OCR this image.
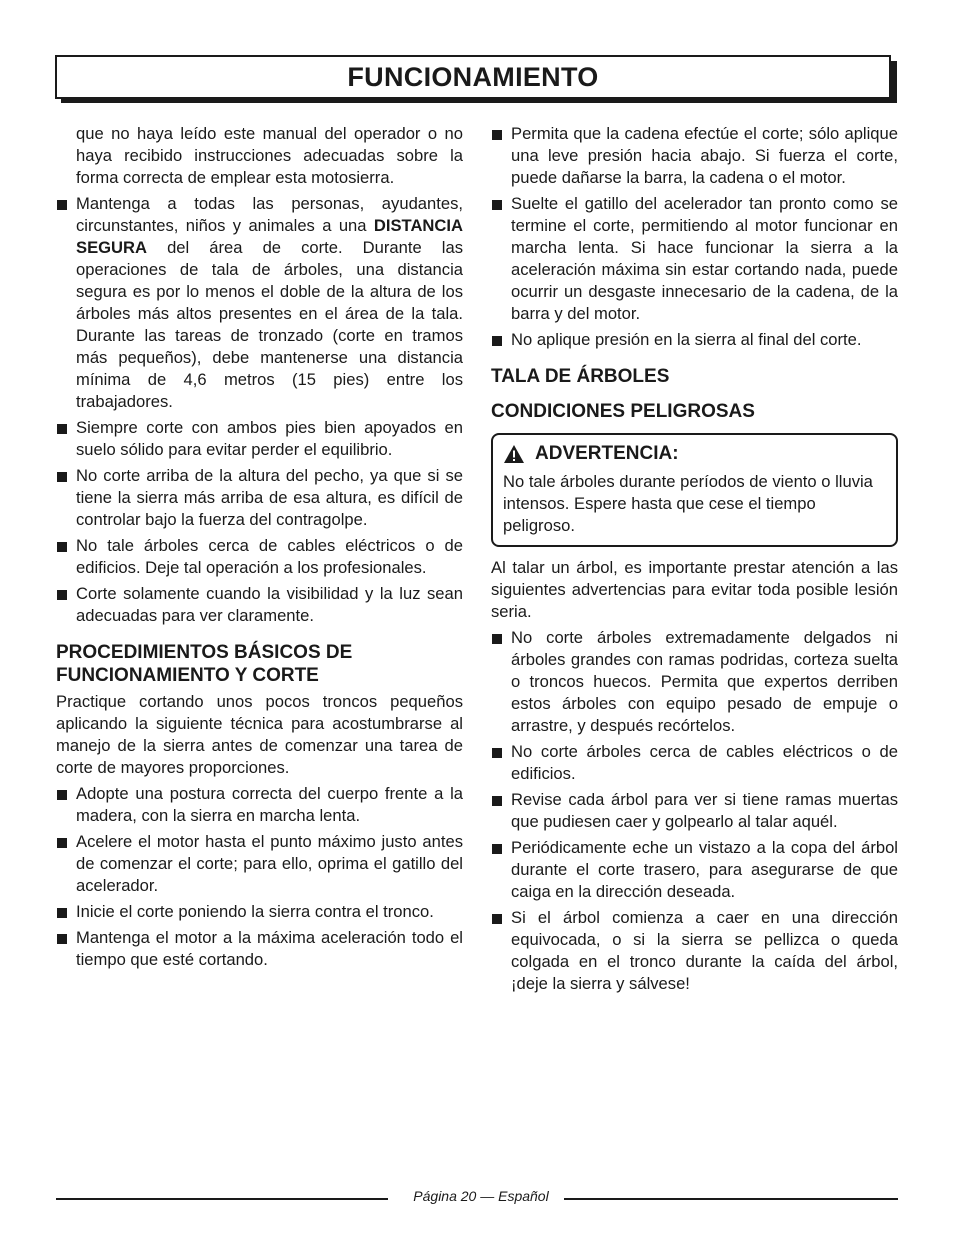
FUNCIONAMIENTO

que no haya leído este manual del operador o no haya recibido instrucciones adecuadas sobre la forma correcta de emplear esta motosierra.

Mantenga a todas las personas, ayudantes, circunstantes, niños y animales a una DISTANCIA SEGURA del área de corte. Durante las operaciones de tala de árboles, una distancia segura es por lo menos el doble de la altura de los árboles más altos presentes en el área de la tala. Durante las tareas de tronzado (corte en tramos más pequeños), debe mantenerse una distancia mínima de 4,6 metros (15 pies) entre los trabajadores.

Siempre corte con ambos pies bien apoyados en suelo sólido para evitar perder el equilibrio.

No corte arriba de la altura del pecho, ya que si se tiene la sierra más arriba de esa altura, es difícil de controlar bajo la fuerza del contragolpe.

No tale árboles cerca de cables eléctricos o de edificios. Deje tal operación a los profesionales.

Corte solamente cuando la visibilidad y la luz sean adecuadas para ver claramente.

PROCEDIMIENTOS BÁSICOS DE FUNCIONAMIENTO Y CORTE

Practique cortando unos pocos troncos pequeños aplicando la siguiente técnica para acostumbrarse al manejo de la sierra antes de comenzar una tarea de corte de mayores proporciones.

Adopte una postura correcta del cuerpo frente a la madera, con la sierra en marcha lenta.

Acelere el motor hasta el punto máximo justo antes de comenzar el corte; para ello, oprima el gatillo del acelerador.

Inicie el corte poniendo la sierra contra el tronco.

Mantenga el motor a la máxima aceleración todo el tiempo que esté cortando.

Permita que la cadena efectúe el corte; sólo aplique una leve presión hacia abajo. Si fuerza el corte, puede dañarse la barra, la cadena o el motor.

Suelte el gatillo del acelerador tan pronto como se termine el corte, permitiendo al motor funcionar en marcha lenta. Si hace funcionar la sierra a la aceleración máxima sin estar cortando nada, puede ocurrir un desgaste innecesario de la cadena, de la barra y del motor.

No aplique presión en la sierra al final del corte.

TALA DE ÁRBOLES
CONDICIONES PELIGROSAS
ADVERTENCIA:
No tale árboles durante períodos de viento o lluvia intensos. Espere hasta que cese el tiempo peligroso.

Al talar un árbol, es importante prestar atención a las siguientes advertencias para evitar toda posible lesión seria.

No corte árboles extremadamente delgados ni árboles grandes con ramas podridas, corteza suelta o troncos huecos. Permita que expertos derriben estos árboles con equipo pesado de empuje o arrastre, y después recórtelos.

No corte árboles cerca de cables eléctricos o de edificios.

Revise cada árbol para ver si tiene ramas muertas que pudiesen caer y golpearlo al talar aquél.

Periódicamente eche un vistazo a la copa del árbol durante el corte trasero, para asegurarse de que caiga en la dirección deseada.

Si el árbol comienza a caer en una dirección equivocada, o si la sierra se pellizca o queda colgada en el tronco durante la caída del árbol, ¡deje la sierra y sálvese!

Página 20 — Español
